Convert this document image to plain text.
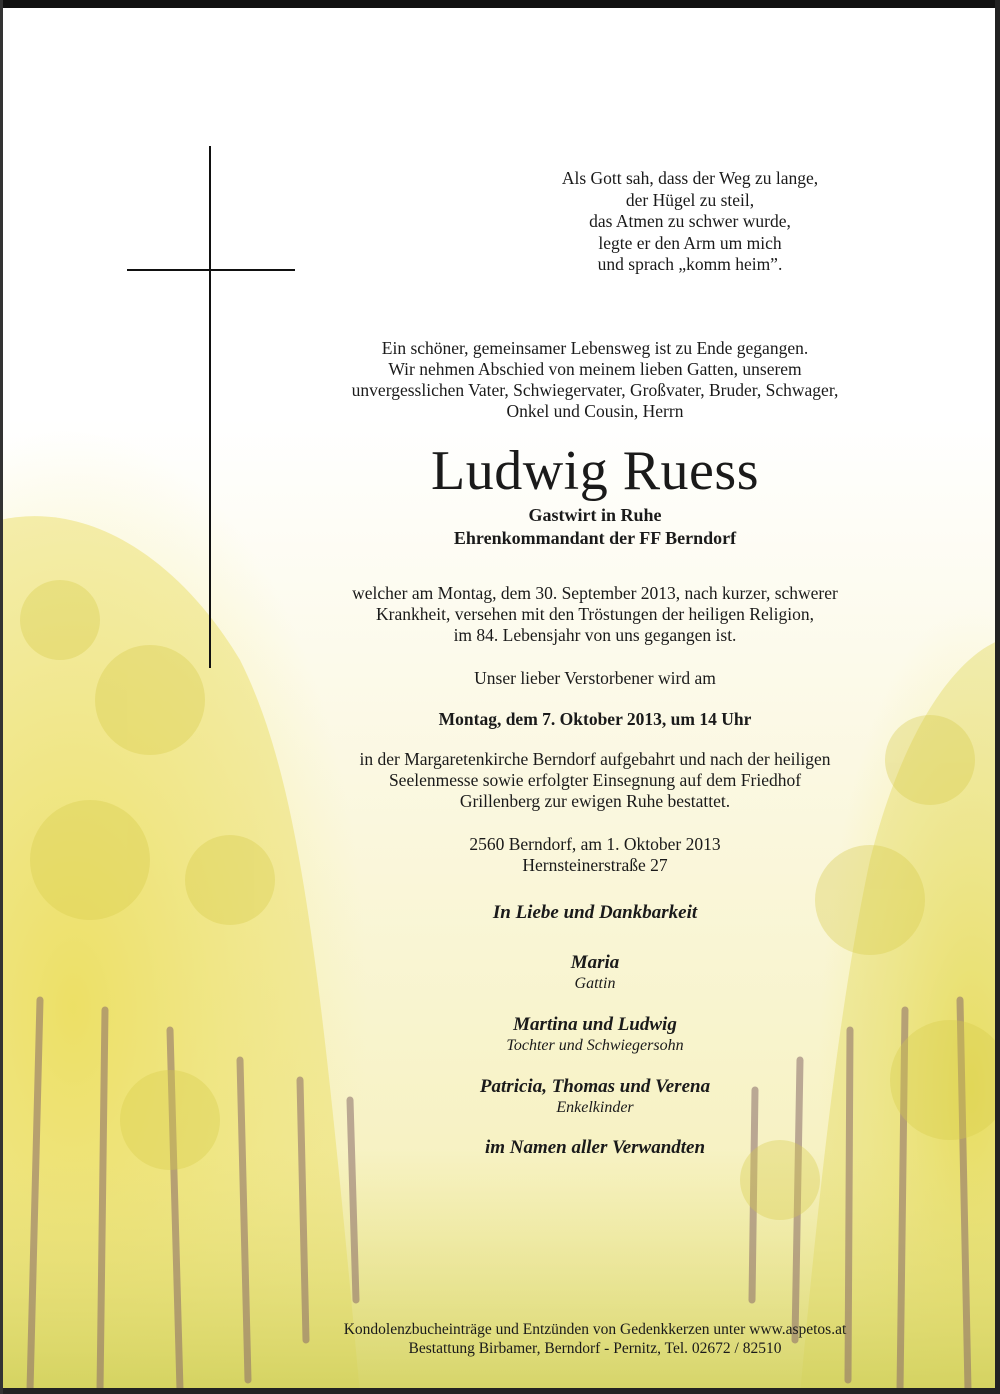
Als Gott sah, dass der Weg zu lange,
der Hügel zu steil,
das Atmen zu schwer wurde,
legte er den Arm um mich
und sprach „komm heim”.
Ein schöner, gemeinsamer Lebensweg ist zu Ende gegangen.
Wir nehmen Abschied von meinem lieben Gatten, unserem
unvergesslichen Vater, Schwiegervater, Großvater, Bruder, Schwager,
Onkel und Cousin, Herrn
Ludwig Ruess
Gastwirt in Ruhe
Ehrenkommandant der FF Berndorf
welcher am Montag, dem 30. September 2013, nach kurzer, schwerer
Krankheit, versehen mit den Tröstungen der heiligen Religion,
im 84. Lebensjahr von uns gegangen ist.
Unser lieber Verstorbener wird am
Montag, dem 7. Oktober 2013, um 14 Uhr
in der Margaretenkirche Berndorf aufgebahrt und nach der heiligen
Seelenmesse sowie erfolgter Einsegnung auf dem Friedhof
Grillenberg zur ewigen Ruhe bestattet.
2560 Berndorf, am 1. Oktober 2013
Hernsteinerstraße 27
In Liebe und Dankbarkeit
Maria
Gattin
Martina und Ludwig
Tochter und Schwiegersohn
Patricia, Thomas und Verena
Enkelkinder
im Namen aller Verwandten
Kondolenzbucheinträge und Entzünden von Gedenkkerzen unter www.aspetos.at
Bestattung Birbamer, Berndorf - Pernitz, Tel. 02672 / 82510
